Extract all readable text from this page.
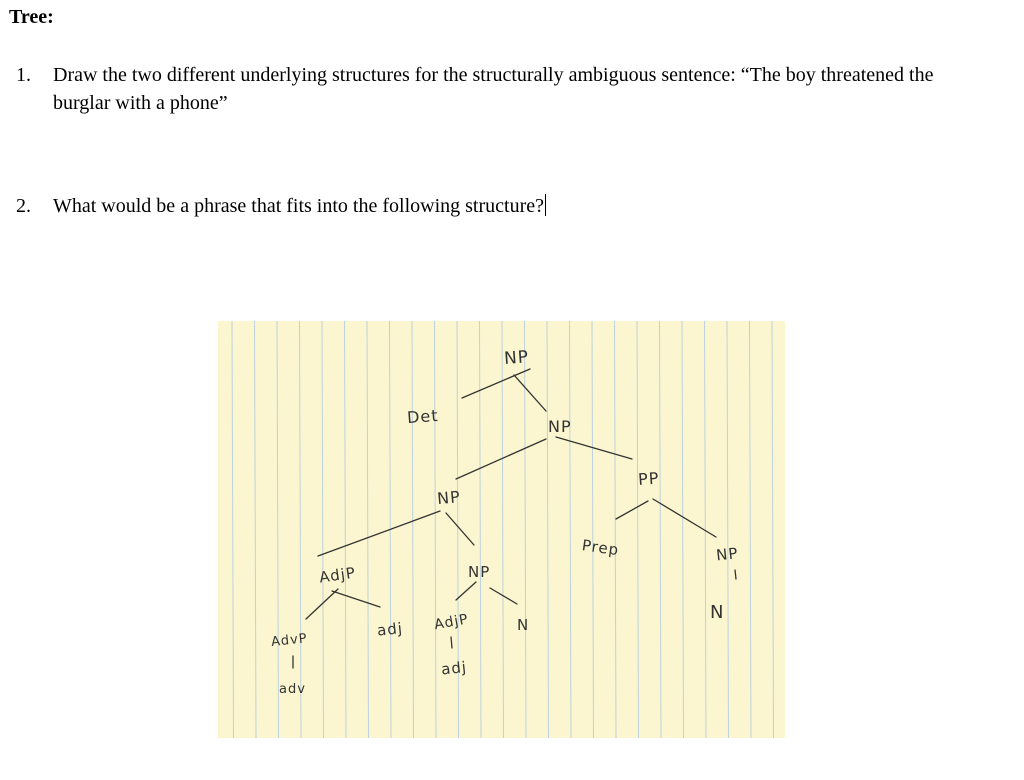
Tree:
1. Draw the two different underlying structures for the structurally ambiguous sentence: “The boy threatened the burglar with a phone”
2. What would be a phrase that fits into the following structure?
NP
Det	NP
PP
NP
Prep	NP
N
AdjP	NP
AdvP
adj AdjP	N
adv
adj
